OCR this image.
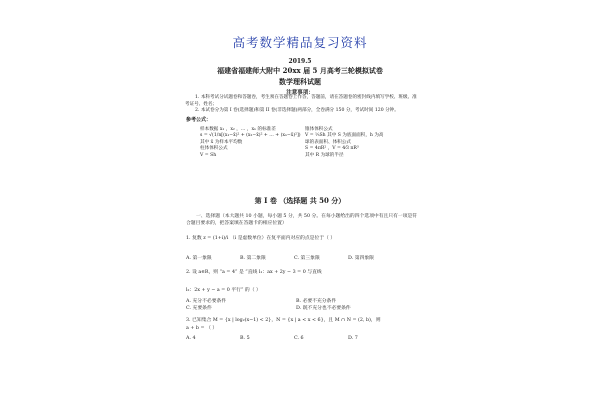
高考数学精品复习资料
2019.5
福建省福建师大附中 20xx 届 5 月高考三轮模拟试卷
数学理科试题
注意事项：
1. 本科考试分试题卷和答题卷，考生须在答题卷上作答，答题前，请在答题卷的密封线内填写学校、班级、准考证号、姓名；
2. 本试卷分为第 I 卷(选择题)和第 II 卷(非选择题)两部分，全卷满分 150 分，考试时间 120 分钟。
参考公式：

样本数据 x₁ ，x₂ ，… ，xₙ 的标准差

s = √(1/n[(x₁−x̄)² + (x₂−x̄)² + … + (xₙ−x̄)²])

其中 x̄ 为样本平均数

柱体体积公式

V = Sh

锥体体积公式

V = ⅓Sh 其中 S 为底面面积，h 为高

球的表面积、体积公式

S = 4πR² ，V = 4⁄3 πR³

其中 R 为球的半径

第 I 卷 （选择题 共 50 分）
一、选择题（本大题共 10 小题，每小题 5 分，共 50 分。在每小题给出的四个选项中有且只有一项是符合题目要求的，把答案填在答题卡的相应位置）
1. 复数 z = (1+i)/i （i 是虚数单位）在复平面内对应的点是位于（ ）
A. 第一象限	B. 第二象限	C. 第三象限	D. 第四象限
2. 设 a∈R，则 “a = 4” 是 “直线 l₁：ax + 2y − 3 = 0 与直线
l₂：2x + y − a = 0 平行” 的（ ）
A. 充分不必要条件	B. 必要不充分条件
C. 充要条件	D. 既不充分也不必要条件
3. 已知集合 M = {x | log₂(x−1) < 2}，N = {x | a < x < 6}，且 M ∩ N = (2, b)，则
a + b = （ ）
A. 4	B. 5	C. 6	D. 7
